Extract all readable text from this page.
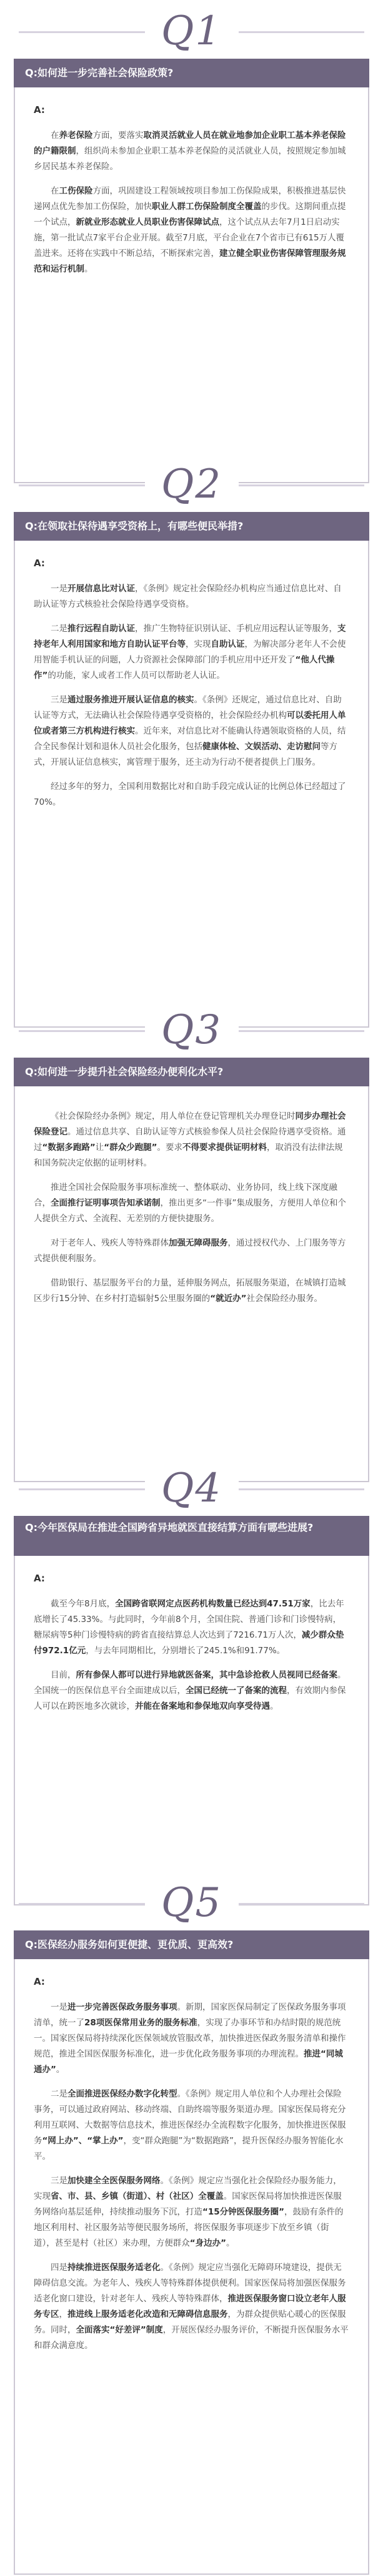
Q1
Q:如何进一步完善社会保险政策?
A:

在养老保险方面，要落实取消灵活就业人员在就业地参加企业职工基本养老保险的户籍限制，组织尚未参加企业职工基本养老保险的灵活就业人员，按照规定参加城乡居民基本养老保险。

在工伤保险方面，巩固建设工程领域按项目参加工伤保险成果，积极推进基层快递网点优先参加工伤保险，加快职业人群工伤保险制度全覆盖的步伐。这期间重点提一个试点，新就业形态就业人员职业伤害保障试点，这个试点从去年7月1日启动实施，第一批试点7家平台企业开展。截至7月底，平台企业在7个省市已有615万人覆盖进来。还将在实践中不断总结，不断探索完善，建立健全职业伤害保障管理服务规范和运行机制。

Q2
Q:在领取社保待遇享受资格上，有哪些便民举措?
A:

一是开展信息比对认证，《条例》规定社会保险经办机构应当通过信息比对、自助认证等方式核验社会保险待遇享受资格。

二是推行远程自助认证，推广生物特征识别认证、手机应用远程认证等服务，支持老年人利用国家和地方自助认证平台等，实现自助认证，为解决部分老年人不会使用智能手机认证的问题，人力资源社会保障部门的手机应用中还开发了“他人代操作”的功能，家人或者工作人员可以帮助老人认证。

三是通过服务推进开展认证信息的核实。《条例》还规定，通过信息比对、自助认证等方式，无法确认社会保险待遇享受资格的，社会保险经办机构可以委托用人单位或者第三方机构进行核实。近年来，对信息比对不能确认待遇领取资格的人员，结合全民参保计划和退休人员社会化服务，包括健康体检、文娱活动、走访慰问等方式，开展认证信息核实，寓管理于服务，还主动为行动不便者提供上门服务。

经过多年的努力，全国利用数据比对和自助手段完成认证的比例总体已经超过了70%。

Q3
Q:如何进一步提升社会保险经办便利化水平?

《社会保险经办条例》规定，用人单位在登记管理机关办理登记时同步办理社会保险登记。通过信息共享、自助认证等方式核验参保人员社会保险待遇享受资格。通过“数据多跑路”让“群众少跑腿”。要求不得要求提供证明材料，取消没有法律法规和国务院决定依据的证明材料。

推进全国社会保险服务事项标准统一、整体联动、业务协同，线上线下深度融合，全面推行证明事项告知承诺制，推出更多“一件事”集成服务，方便用人单位和个人提供全方式、全流程、无差别的方便快捷服务。

对于老年人、残疾人等特殊群体加强无障碍服务，通过授权代办、上门服务等方式提供便利服务。

借助银行、基层服务平台的力量，延伸服务网点，拓展服务渠道，在城镇打造城区步行15分钟、在乡村打造辐射5公里服务圈的“就近办”社会保险经办服务。

Q4
Q:今年医保局在推进全国跨省异地就医直接结算方面有哪些进展?
A:

截至今年8月底，全国跨省联网定点医药机构数量已经达到47.51万家，比去年底增长了45.33%。与此同时，今年前8个月，全国住院、普通门诊和门诊慢特病，糖尿病等5种门诊慢特病的跨省直接结算总人次达到了7216.71万人次，减少群众垫付972.1亿元，与去年同期相比，分别增长了245.1%和91.77%。

目前，所有参保人都可以进行异地就医备案，其中急诊抢救人员视同已经备案。全国统一的医保信息平台全面建成以后，全国已经统一了备案的流程，有效期内参保人可以在跨医地多次就诊，并能在备案地和参保地双向享受待遇。

Q5
Q:医保经办服务如何更便捷、更优质、更高效?
A:

一是进一步完善医保政务服务事项。新期，国家医保局制定了医保政务服务事项清单，统一了28项医保常用业务的服务标准，实现了办事环节和办结时限的规范统一。国家医保局将持续深化医保领域放管服改革，加快推进医保政务服务清单和操作规范，推进全国医保服务标准化，进一步优化政务服务事项的办理流程。推进“同城通办”。

二是全面推进医保经办数字化转型。《条例》规定用人单位和个人办理社会保险事务，可以通过政府网站、移动终端、自助终端等服务渠道办理。国家医保局将充分利用互联网、大数据等信息技术，推进医保经办全流程数字化服务，加快推进医保服务“网上办”、“掌上办”，变“群众跑腿”为“数据跑路”，提升医保经办服务智能化水平。

三是加快建全全医保服务网络。《条例》规定应当强化社会保险经办服务能力，实现省、市、县、乡镇（街道）、村（社区）全覆盖。国家医保局将加快推进医保服务网络向基层延伸，持续推动服务下沉，打造“15分钟医保服务圈”，鼓励有条件的地区利用村、社区服务站等便民服务场所，将医保服务事项逐步下放至乡镇（街道），甚至是村（社区）来办理，方便群众“身边办”。

四是持续推进医保服务适老化。《条例》规定应当强化无障碍环境建设，提供无障碍信息交流。为老年人、残疾人等特殊群体提供便利。国家医保局将加强医保服务适老化窗口建设，针对老年人、残疾人等特殊群体，推进医保服务窗口设立老年人服务专区，推进线上服务适老化改造和无障碍信息服务，为群众提供贴心暖心的医保服务。同时，全面落实“好差评”制度，开展医保经办服务评价，不断提升医保服务水平和群众满意度。
